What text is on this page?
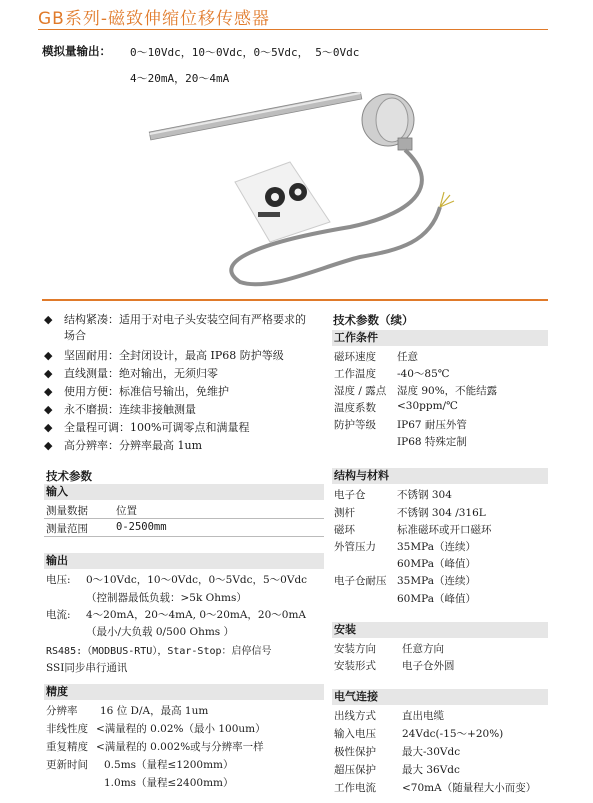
GB系列-磁致伸缩位移传感器
模拟量输出： 0～10Vdc，10～0Vdc，0～5Vdc， 5～0Vdc
4～20mA，20～4mA
◆ 结构紧凑：适用于对电子头安装空间有严格要求的
场合
◆ 坚固耐用：全封闭设计，最高 IP68 防护等级
◆ 直线测量：绝对输出，无须归零
◆ 使用方便：标准信号输出，免维护
◆ 永不磨损：连续非接触测量
◆ 全量程可调：100%可调零点和满量程
◆ 高分辨率：分辨率最高 1um
技术参数
输入
测量数据	位置
测量范围	0-2500mm
输出
电压: 0～10Vdc，10～0Vdc，0～5Vdc，5～0Vdc
（控制器最低负载：>5k Ohms）
电流: 4～20mA，20～4mA, 0～20mA，20～0mA
（最小/大负载 0/500 Ohms ）
RS485:（MODBUS-RTU），Star-Stop：启停信号
SSI同步串行通讯
精度
分辨率 16 位 D/A，最高 1um
非线性度 <满量程的 0.02%（最小 100um）
重复精度 <满量程的 0.002%或与分辨率一样
更新时间 0.5ms（量程≤1200mm）
1.0ms（量程≤2400mm）
技术参数（续）
工作条件
磁环速度 任意
工作温度 -40～85℃
湿度 / 露点 湿度 90%，不能结露
温度系数 <30ppm/℃
防护等级 IP67 耐压外管
IP68 特殊定制
结构与材料
电子仓	不锈钢 304
测杆	不锈钢 304 /316L
磁环	标准磁环或开口磁环
外管压力 35MPa（连续）
60MPa（峰值）
电子仓耐压 35MPa（连续）
60MPa（峰值）
安装
安装方向 任意方向
安装形式 电子仓外圆
电气连接
出线方式 直出电缆
输入电压 24Vdc(-15～+20%)
极性保护 最大-30Vdc
超压保护 最大 36Vdc
工作电流 <70mA（随量程大小而变）
